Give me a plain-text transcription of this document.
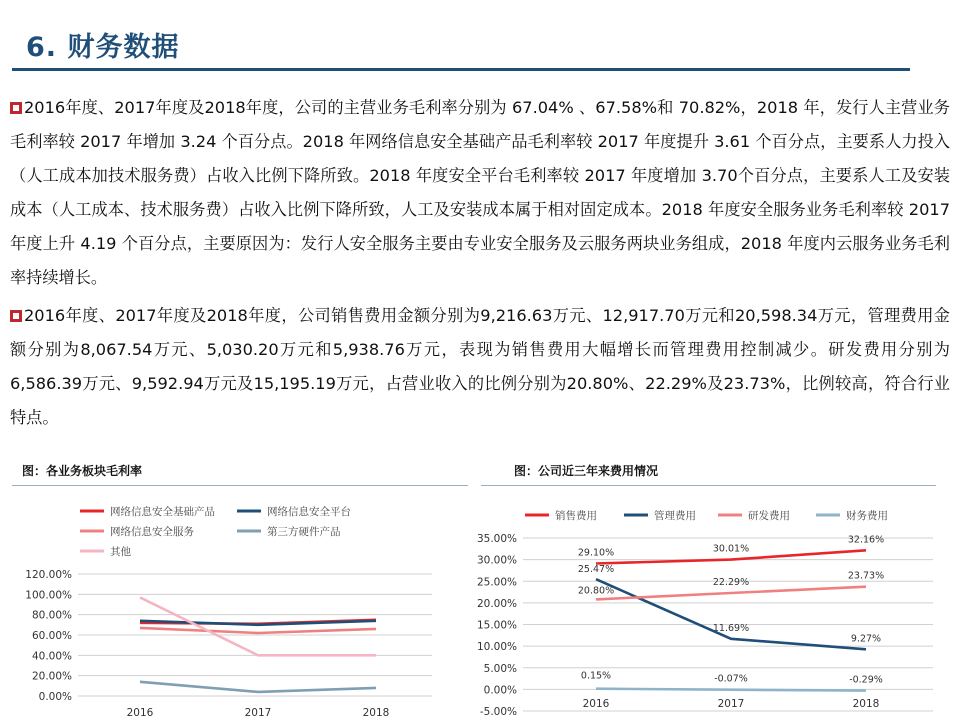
6. 财务数据
2016年度、2017年度及2018年度，公司的主营业务毛利率分别为 67.04% 、67.58%和 70.82%，2018 年，发行人主营业务毛利率较 2017 年增加 3.24 个百分点。2018 年网络信息安全基础产品毛利率较 2017 年度提升 3.61 个百分点，主要系人力投入（人工成本加技术服务费）占收入比例下降所致。2018 年度安全平台毛利率较 2017 年度增加 3.70个百分点，主要系人工及安装成本（人工成本、技术服务费）占收入比例下降所致，人工及安装成本属于相对固定成本。2018 年度安全服务业务毛利率较 2017 年度上升 4.19 个百分点，主要原因为：发行人安全服务主要由专业安全服务及云服务两块业务组成，2018 年度内云服务业务毛利率持续增长。
2016年度、2017年度及2018年度，公司销售费用金额分别为9,216.63万元、12,917.70万元和20,598.34万元，管理费用金额分别为8,067.54万元、5,030.20万元和5,938.76万元，表现为销售费用大幅增长而管理费用控制减少。研发费用分别为6,586.39万元、9,592.94万元及15,195.19万元，占营业收入的比例分别为20.80%、22.29%及23.73%，比例较高，符合行业特点。
图：各业务板块毛利率	图：公司近三年来费用情况
0.00%
20.00%
40.00%
60.00%
80.00%
100.00%
120.00%
2016	2017	2018
网络信息安全基础产品	网络信息安全平台
网络信息安全服务	第三方硬件产品
其他
-5.00%
0.00%
5.00%
10.00%
15.00%
20.00%
25.00%
30.00%
35.00%
2016	2017	2018
销售费用	管理费用	研发费用	财务费用
29.10%	30.01%
32.16%
25.47%
11.69%
9.27%
20.80%
22.29%
23.73%
0.15%	-0.07%	-0.29%
